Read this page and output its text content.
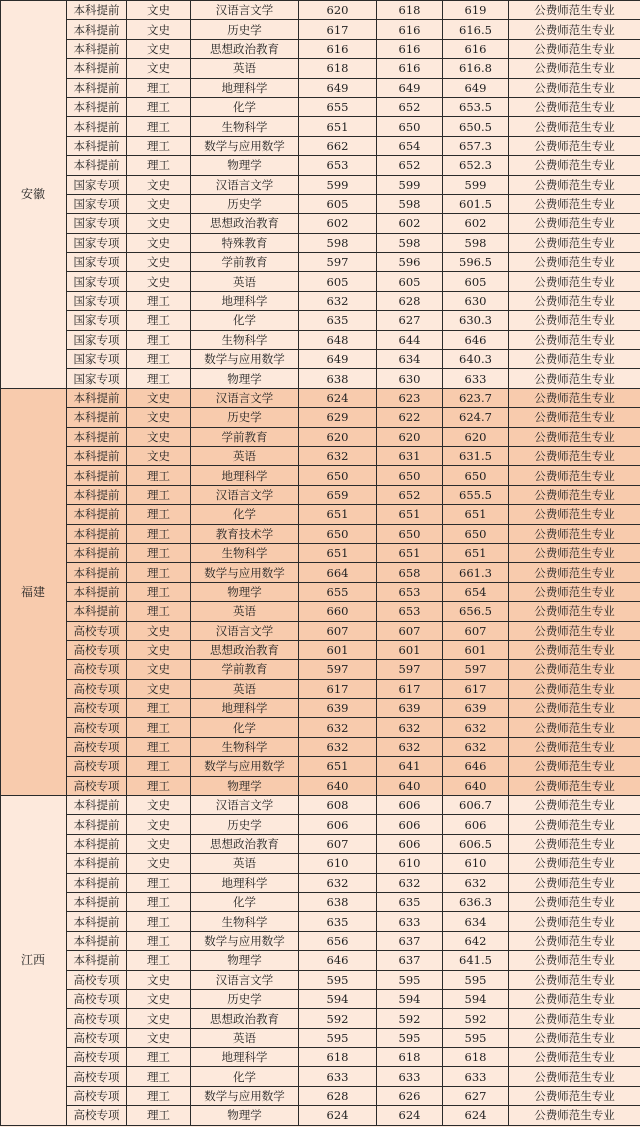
安徽	本科提前	文史	汉语言文学	620	618	619	公费师范生专业
	本科提前	文史	历史学	617	616	616.5	公费师范生专业
	本科提前	文史	思想政治教育	616	616	616	公费师范生专业
	本科提前	文史	英语	618	616	616.8	公费师范生专业
	本科提前	理工	地理科学	649	649	649	公费师范生专业
	本科提前	理工	化学	655	652	653.5	公费师范生专业
	本科提前	理工	生物科学	651	650	650.5	公费师范生专业
	本科提前	理工	数学与应用数学	662	654	657.3	公费师范生专业
	本科提前	理工	物理学	653	652	652.3	公费师范生专业
	国家专项	文史	汉语言文学	599	599	599	公费师范生专业
	国家专项	文史	历史学	605	598	601.5	公费师范生专业
	国家专项	文史	思想政治教育	602	602	602	公费师范生专业
	国家专项	文史	特殊教育	598	598	598	公费师范生专业
	国家专项	文史	学前教育	597	596	596.5	公费师范生专业
	国家专项	文史	英语	605	605	605	公费师范生专业
	国家专项	理工	地理科学	632	628	630	公费师范生专业
	国家专项	理工	化学	635	627	630.3	公费师范生专业
	国家专项	理工	生物科学	648	644	646	公费师范生专业
	国家专项	理工	数学与应用数学	649	634	640.3	公费师范生专业
	国家专项	理工	物理学	638	630	633	公费师范生专业
福建	本科提前	文史	汉语言文学	624	623	623.7	公费师范生专业
	本科提前	文史	历史学	629	622	624.7	公费师范生专业
	本科提前	文史	学前教育	620	620	620	公费师范生专业
	本科提前	文史	英语	632	631	631.5	公费师范生专业
	本科提前	理工	地理科学	650	650	650	公费师范生专业
	本科提前	理工	汉语言文学	659	652	655.5	公费师范生专业
	本科提前	理工	化学	651	651	651	公费师范生专业
	本科提前	理工	教育技术学	650	650	650	公费师范生专业
	本科提前	理工	生物科学	651	651	651	公费师范生专业
	本科提前	理工	数学与应用数学	664	658	661.3	公费师范生专业
	本科提前	理工	物理学	655	653	654	公费师范生专业
	本科提前	理工	英语	660	653	656.5	公费师范生专业
	高校专项	文史	汉语言文学	607	607	607	公费师范生专业
	高校专项	文史	思想政治教育	601	601	601	公费师范生专业
	高校专项	文史	学前教育	597	597	597	公费师范生专业
	高校专项	文史	英语	617	617	617	公费师范生专业
	高校专项	理工	地理科学	639	639	639	公费师范生专业
	高校专项	理工	化学	632	632	632	公费师范生专业
	高校专项	理工	生物科学	632	632	632	公费师范生专业
	高校专项	理工	数学与应用数学	651	641	646	公费师范生专业
	高校专项	理工	物理学	640	640	640	公费师范生专业
江西	本科提前	文史	汉语言文学	608	606	606.7	公费师范生专业
	本科提前	文史	历史学	606	606	606	公费师范生专业
	本科提前	文史	思想政治教育	607	606	606.5	公费师范生专业
	本科提前	文史	英语	610	610	610	公费师范生专业
	本科提前	理工	地理科学	632	632	632	公费师范生专业
	本科提前	理工	化学	638	635	636.3	公费师范生专业
	本科提前	理工	生物科学	635	633	634	公费师范生专业
	本科提前	理工	数学与应用数学	656	637	642	公费师范生专业
	本科提前	理工	物理学	646	637	641.5	公费师范生专业
	高校专项	文史	汉语言文学	595	595	595	公费师范生专业
	高校专项	文史	历史学	594	594	594	公费师范生专业
	高校专项	文史	思想政治教育	592	592	592	公费师范生专业
	高校专项	文史	英语	595	595	595	公费师范生专业
	高校专项	理工	地理科学	618	618	618	公费师范生专业
	高校专项	理工	化学	633	633	633	公费师范生专业
	高校专项	理工	数学与应用数学	628	626	627	公费师范生专业
	高校专项	理工	物理学	624	624	624	公费师范生专业
